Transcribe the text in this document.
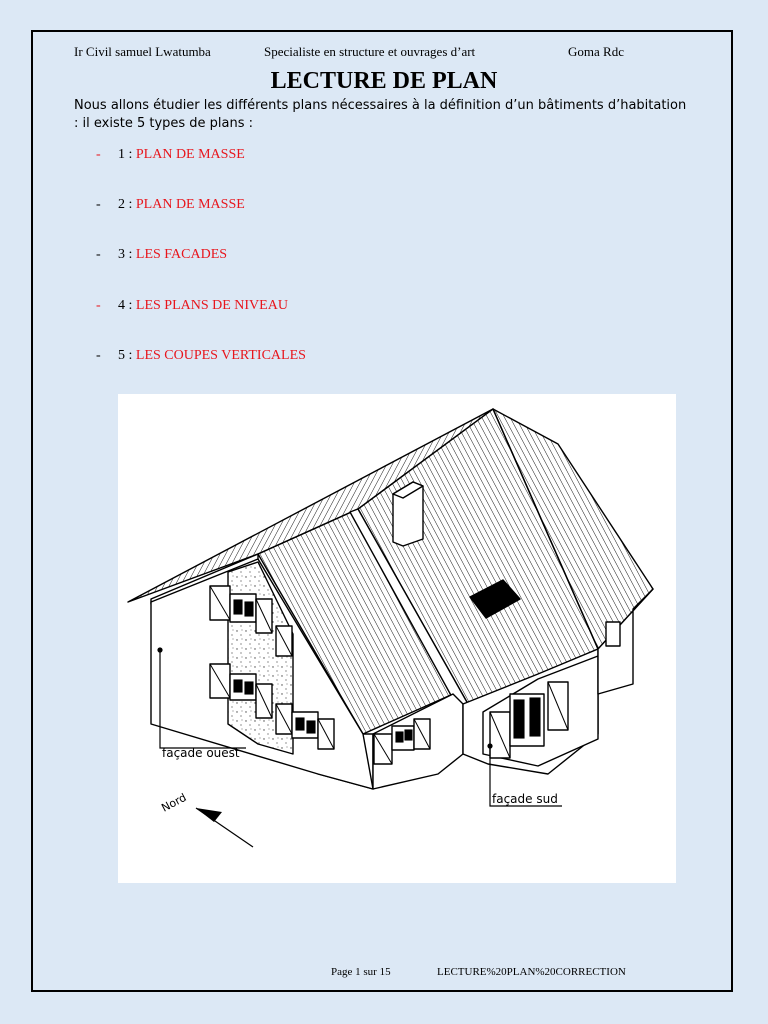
Ir Civil samuel Lwatumba	Specialiste en structure et ouvrages d’art	Goma Rdc
LECTURE DE PLAN
Nous allons étudier les différents plans nécessaires à la définition d’un bâtiments d’habitation : il existe 5 types de plans :
- 1 : PLAN DE MASSE
- 2 : PLAN DE MASSE
- 3 : LES FACADES
- 4 : LES PLANS DE NIVEAU
- 5 : LES COUPES VERTICALES
façade ouest
façade sud
Nord
Page 1 sur 15	LECTURE%20PLAN%20CORRECTION
